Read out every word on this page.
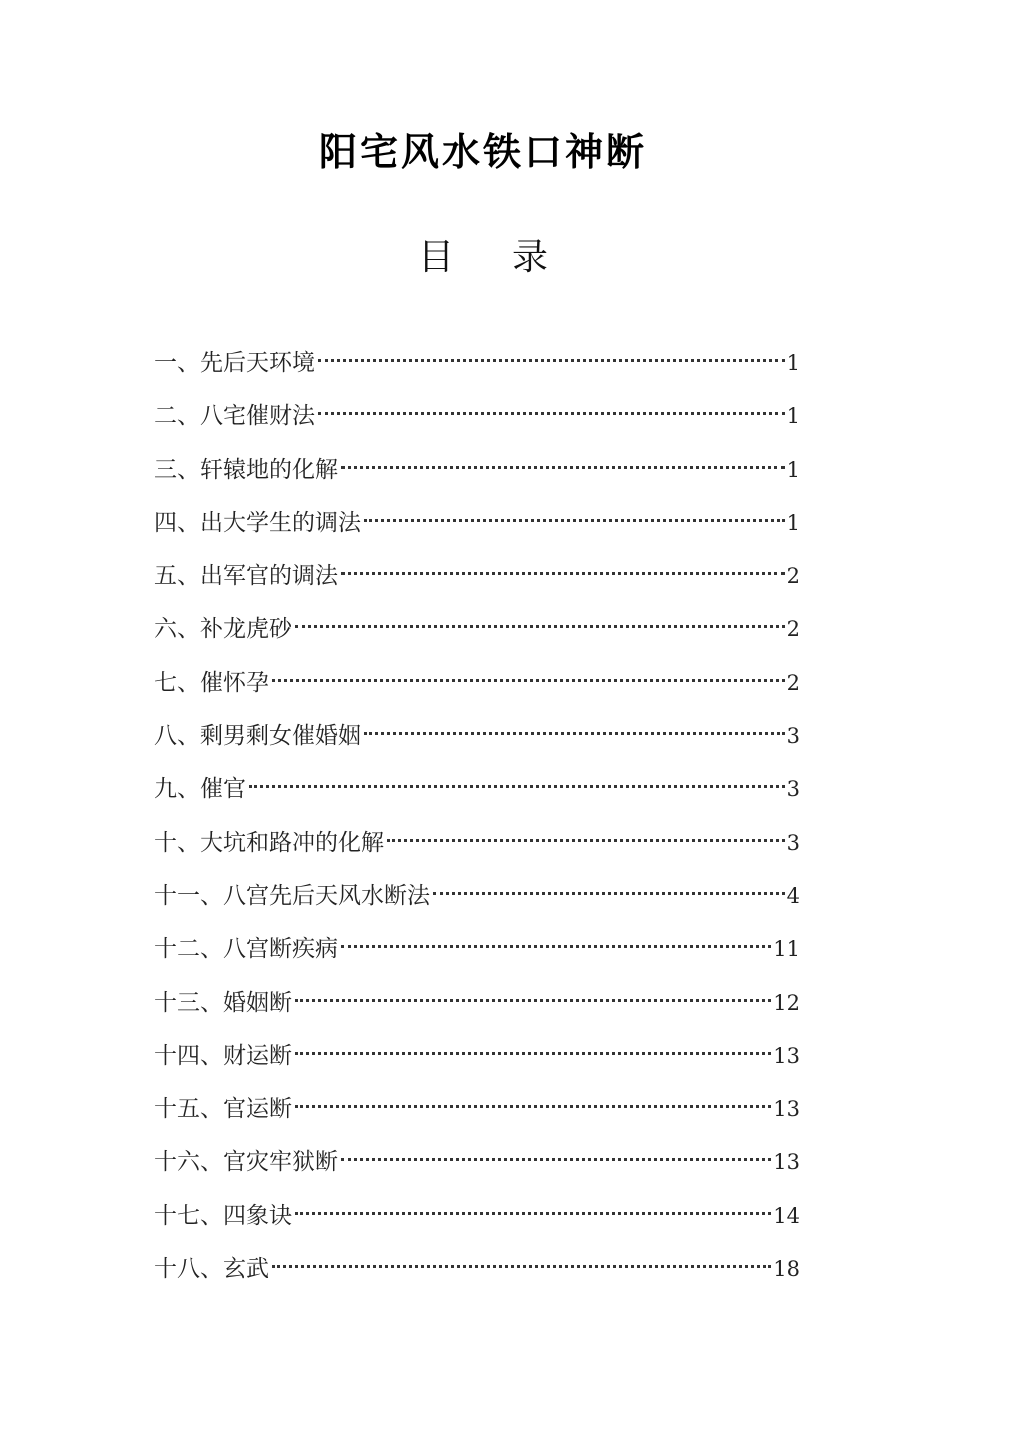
阳宅风水铁口神断
目 录
一、先后天环境	1
二、八宅催财法	1
三、轩辕地的化解	1
四、出大学生的调法	1
五、出军官的调法	2
六、补龙虎砂	2
七、催怀孕	2
八、剩男剩女催婚姻	3
九、催官	3
十、大坑和路冲的化解	3
十一、八宫先后天风水断法	4
十二、八宫断疾病	11
十三、婚姻断	12
十四、财运断	13
十五、官运断	13
十六、官灾牢狱断	13
十七、四象诀	14
十八、玄武	18
